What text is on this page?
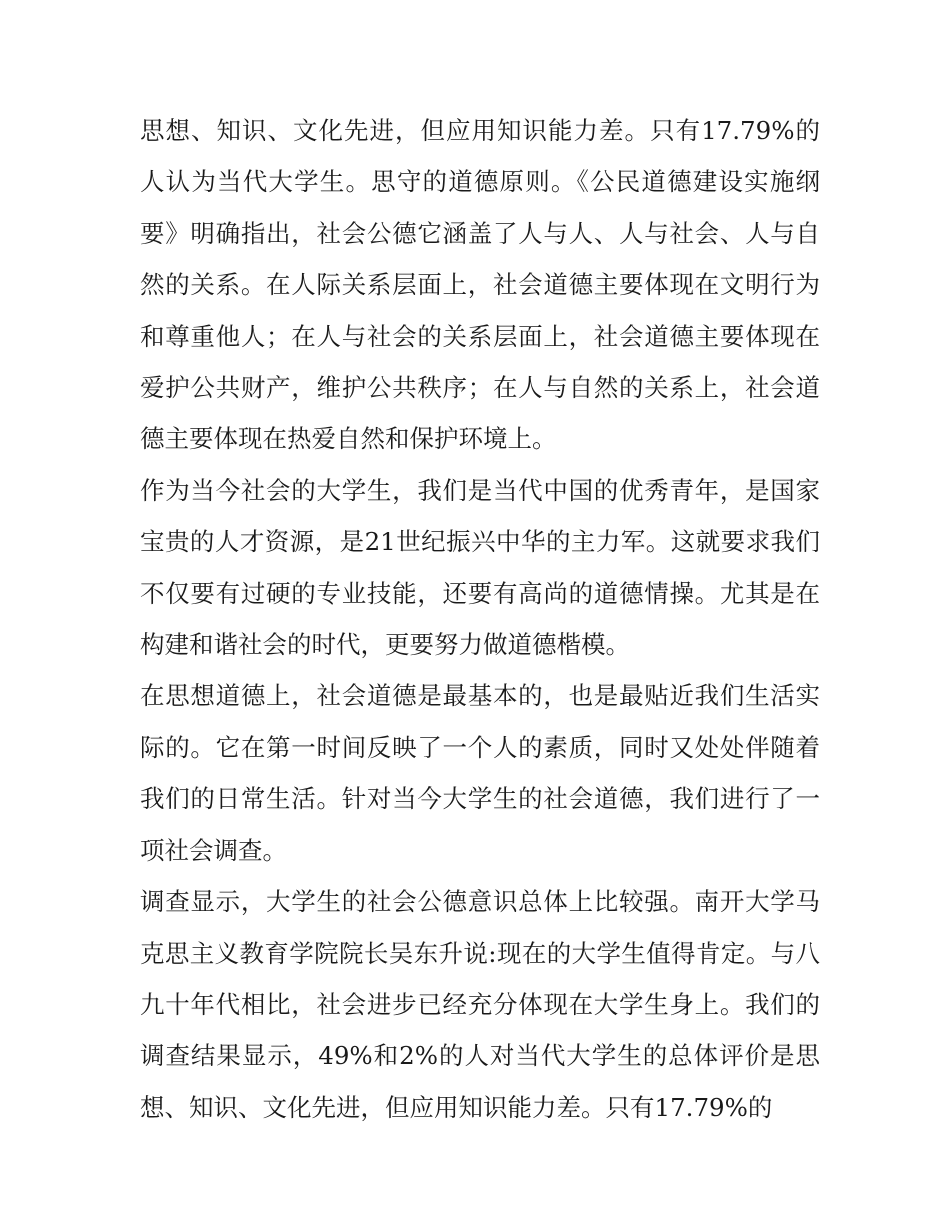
思想、知识、文化先进，但应用知识能力差。只有17.79%的人认为当代大学生。思守的道德原则。《公民道德建设实施纲要》明确指出，社会公德它涵盖了人与人、人与社会、人与自然的关系。在人际关系层面上，社会道德主要体现在文明行为和尊重他人；在人与社会的关系层面上，社会道德主要体现在爱护公共财产，维护公共秩序；在人与自然的关系上，社会道德主要体现在热爱自然和保护环境上。

作为当今社会的大学生，我们是当代中国的优秀青年，是国家宝贵的人才资源，是21世纪振兴中华的主力军。这就要求我们不仅要有过硬的专业技能，还要有高尚的道德情操。尤其是在构建和谐社会的时代，更要努力做道德楷模。

在思想道德上，社会道德是最基本的，也是最贴近我们生活实际的。它在第一时间反映了一个人的素质，同时又处处伴随着我们的日常生活。针对当今大学生的社会道德，我们进行了一项社会调查。

调查显示，大学生的社会公德意识总体上比较强。南开大学马克思主义教育学院院长吴东升说:现在的大学生值得肯定。与八九十年代相比，社会进步已经充分体现在大学生身上。我们的调查结果显示，49%和2%的人对当代大学生的总体评价是思想、知识、文化先进，但应用知识能力差。只有17.79%的
